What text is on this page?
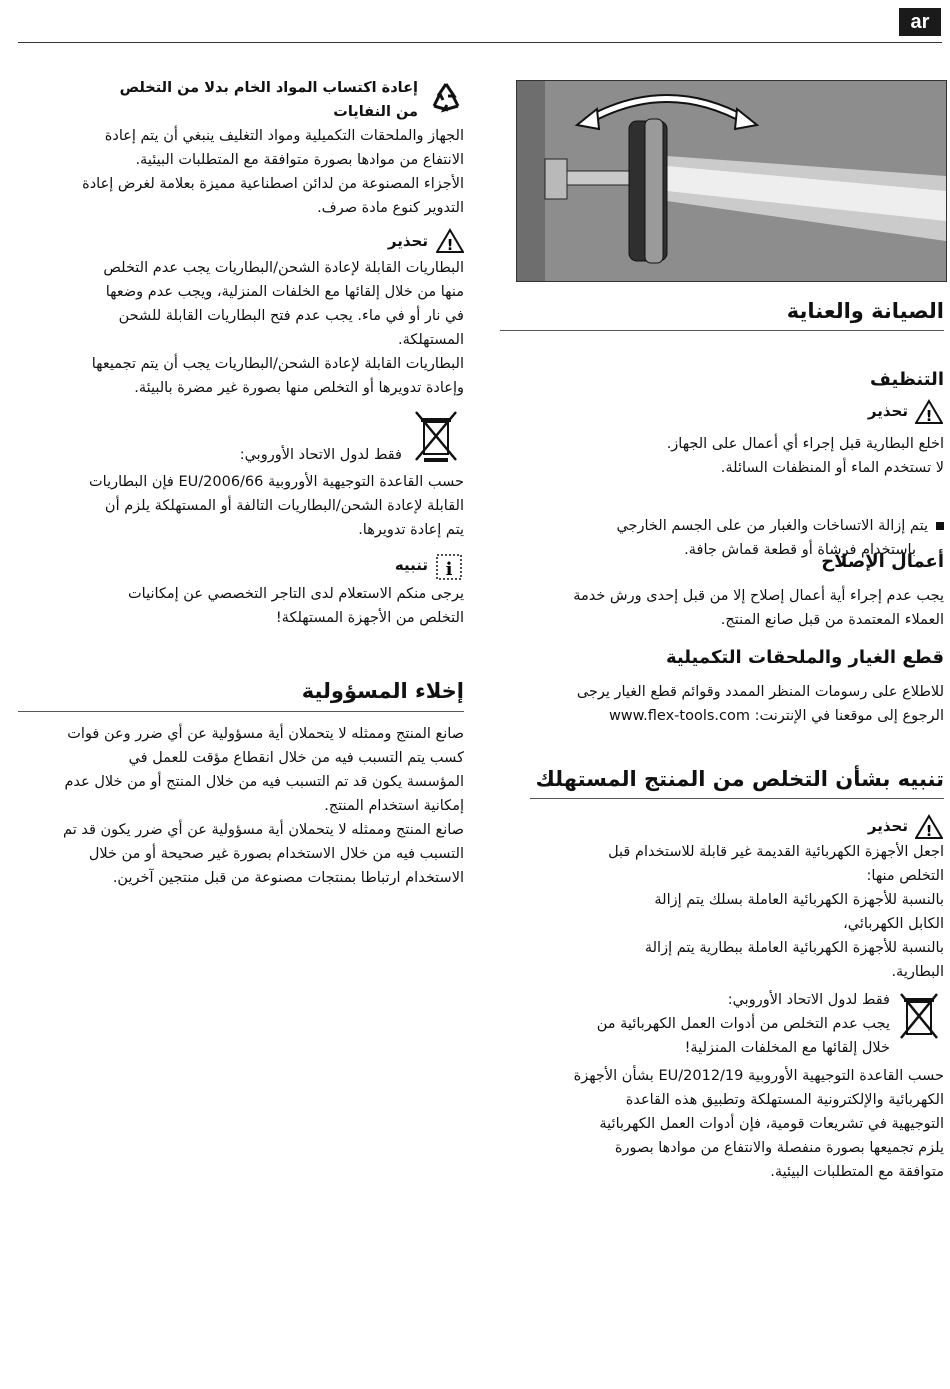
ar
الصيانة والعناية
التنظيف
!
تحذير

اخلع البطارية قبل إجراء أي أعمال على الجهاز.

لا تستخدم الماء أو المنظفات السائلة.

يتم إزالة الاتساخات والغبار من على الجسم الخارجي

باستخدام فرشاة أو قطعة قماش جافة.

أعمال الإصلاح

يجب عدم إجراء أية أعمال إصلاح إلا من قبل إحدى ورش خدمة

العملاء المعتمدة من قبل صانع المنتج.

قطع الغيار والملحقات التكميلية

للاطلاع على رسومات المنظر الممدد وقوائم قطع الغيار يرجى

الرجوع إلى موقعنا في الإنترنت: www.flex-tools.com

تنبيه بشأن التخلص من المنتج المستهلك
!
تحذير

اجعل الأجهزة الكهربائية القديمة غير قابلة للاستخدام قبل

التخلص منها:

بالنسبة للأجهزة الكهربائية العاملة بسلك يتم إزالة

الكابل الكهربائي،

بالنسبة للأجهزة الكهربائية العاملة ببطارية يتم إزالة

البطارية.

فقط لدول الاتحاد الأوروبي:

يجب عدم التخلص من أدوات العمل الكهربائية من

خلال إلقائها مع المخلفات المنزلية!

حسب القاعدة التوجيهية الأوروبية 2012/19/EU بشأن الأجهزة

الكهربائية والإلكترونية المستهلكة وتطبيق هذه القاعدة

التوجيهية في تشريعات قومية، فإن أدوات العمل الكهربائية

يلزم تجميعها بصورة منفصلة والانتفاع من موادها بصورة

متوافقة مع المتطلبات البيئية.

إعادة اكتساب المواد الخام بدلا من التخلص

من النفايات

الجهاز والملحقات التكميلية ومواد التغليف ينبغي أن يتم إعادة

الانتفاع من موادها بصورة متوافقة مع المتطلبات البيئية.

الأجزاء المصنوعة من لدائن اصطناعية مميزة بعلامة لغرض إعادة

التدوير كنوع مادة صرف.

!
تحذير

البطاريات القابلة لإعادة الشحن/البطاريات يجب عدم التخلص

منها من خلال إلقائها مع الخلفات المنزلية، ويجب عدم وضعها

في نار أو في ماء. يجب عدم فتح البطاريات القابلة للشحن

المستهلكة.

البطاريات القابلة لإعادة الشحن/البطاريات يجب أن يتم تجميعها

وإعادة تدويرها أو التخلص منها بصورة غير مضرة بالبيئة.

فقط لدول الاتحاد الأوروبي:

حسب القاعدة التوجيهية الأوروبية 2006/66/EU فإن البطاريات

القابلة لإعادة الشحن/البطاريات التالفة أو المستهلكة يلزم أن

يتم إعادة تدويرها.

i
تنبيه

يرجى منكم الاستعلام لدى التاجر التخصصي عن إمكانيات

التخلص من الأجهزة المستهلكة!

إخلاء المسؤولية

صانع المنتج وممثله لا يتحملان أية مسؤولية عن أي ضرر وعن فوات

كسب يتم التسبب فيه من خلال انقطاع مؤقت للعمل في

المؤسسة يكون قد تم التسبب فيه من خلال المنتج أو من خلال عدم

إمكانية استخدام المنتج.

صانع المنتج وممثله لا يتحملان أية مسؤولية عن أي ضرر يكون قد تم

التسبب فيه من خلال الاستخدام بصورة غير صحيحة أو من خلال

الاستخدام ارتباطا بمنتجات مصنوعة من قبل منتجين آخرين.
